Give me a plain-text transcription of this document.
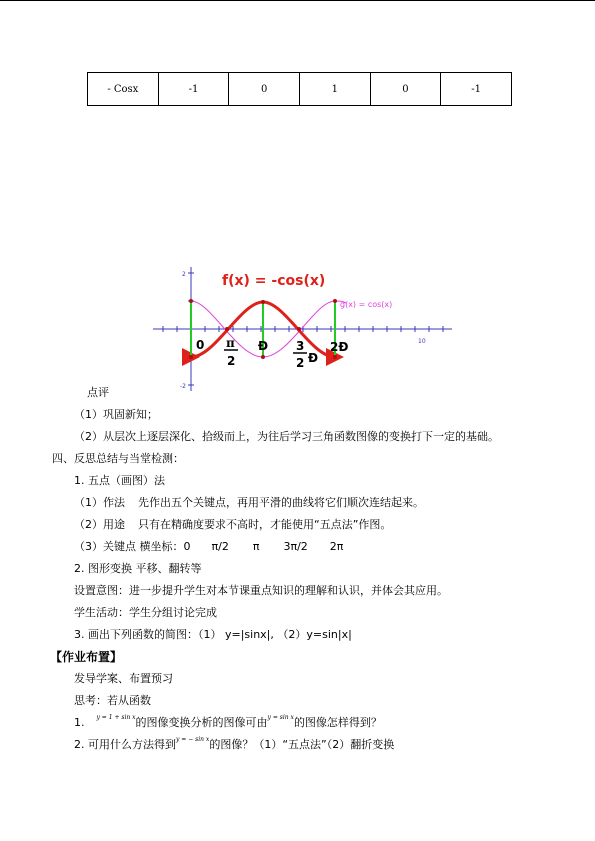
- Cosx	-1	0	1	0	-1
2
-2
10
f(x) = -cos(x)
g(x) = cos(x)
0 π
2
Ð 3
2 Ð
2Ð
点评
（1）巩固新知；
（2）从层次上逐层深化、拾级而上，为往后学习三角函数图像的变换打下一定的基础。
四、反思总结与当堂检测：
1. 五点（画图）法
（1）作法 先作出五个关键点，再用平滑的曲线将它们顺次连结起来。
（2）用途 只有在精确度要求不高时，才能使用“五点法”作图。
（3）关键点 横坐标：0 π/2 π 3π/2 2π
2. 图形变换 平移、翻转等
设置意图：进一步提升学生对本节课重点知识的理解和认识，并体会其应用。
学生活动：学生分组讨论完成
3. 画出下列函数的简图：（1） y=|sinx|, （2）y=sin|x|
【作业布置】
发导学案、布置预习
思考：若从函数
1. y = 1 + sin x的图像变换分析的图像可由y = sin x的图像怎样得到？
2. 可用什么方法得到y = − sin x的图像？（1）“五点法”（2）翻折变换
